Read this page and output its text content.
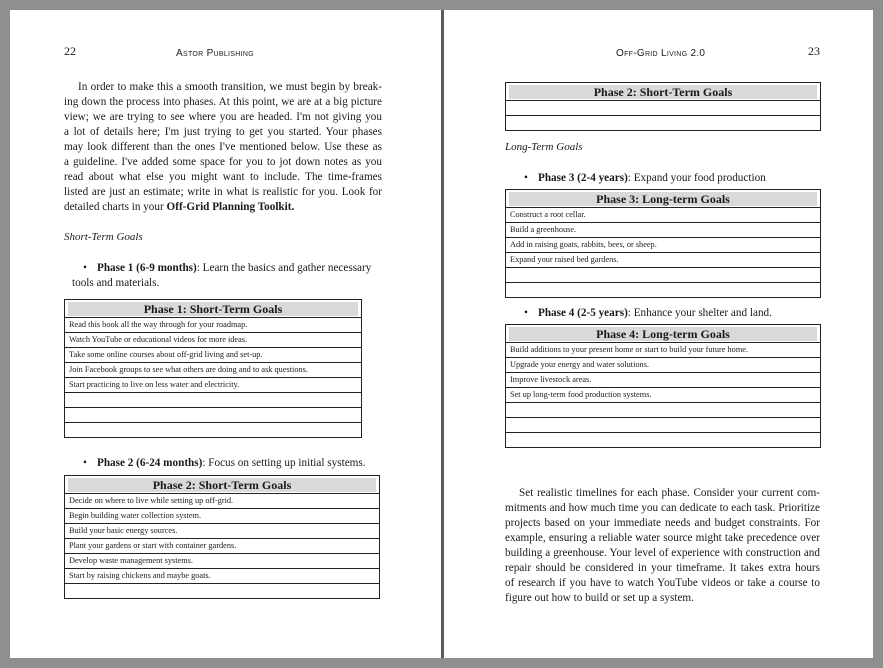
22	Astor Publishing
In order to make this a smooth transition, we must begin by break-
ing down the process into phases. At this point, we are at a big picture
view; we are trying to see where you are headed. I'm not giving you
a lot of details here; I'm just trying to get you started. Your phases
may look different than the ones I've mentioned below. Use these as
a guideline. I've added some space for you to jot down notes as you
read about what else you might want to include. The time-frames
listed are just an estimate; write in what is realistic for you. Look for
detailed charts in your Off-Grid Planning Toolkit.
Short-Term Goals
• Phase 1 (6-9 months): Learn the basics and gather necessary
tools and materials.
Phase 1: Short-Term Goals

Read this book all the way through for your roadmap.
Watch YouTube or educational videos for more ideas.
Take some online courses about off-grid living and set-up.
Join Facebook groups to see what others are doing and to ask questions.
Start practicing to live on less water and electricity.

• Phase 2 (6-24 months): Focus on setting up initial systems.
Phase 2: Short-Term Goals

Decide on where to live while setting up off-grid.
Begin building water collection system.
Build your basic energy sources.
Plant your gardens or start with container gardens.
Develop waste management systems.
Start by raising chickens and maybe goats.

Off-Grid Living 2.0	23
Phase 2: Short-Term Goals

Long-Term Goals
• Phase 3 (2-4 years): Expand your food production
Phase 3: Long-term Goals

Construct a root cellar.
Build a greenhouse.
Add in raising goats, rabbits, bees, or sheep.
Expand your raised bed gardens.

• Phase 4 (2-5 years): Enhance your shelter and land.
Phase 4: Long-term Goals

Build additions to your present home or start to build your future home.
Upgrade your energy and water solutions.
Improve livestock areas.
Set up long-term food production systems.

Set realistic timelines for each phase. Consider your current com-
mitments and how much time you can dedicate to each task. Prioritize
projects based on your immediate needs and budget constraints. For
example, ensuring a reliable water source might take precedence over
building a greenhouse. Your level of experience with construction and
repair should be considered in your timeframe. It takes extra hours
of research if you have to watch YouTube videos or take a course to
figure out how to build or set up a system.
